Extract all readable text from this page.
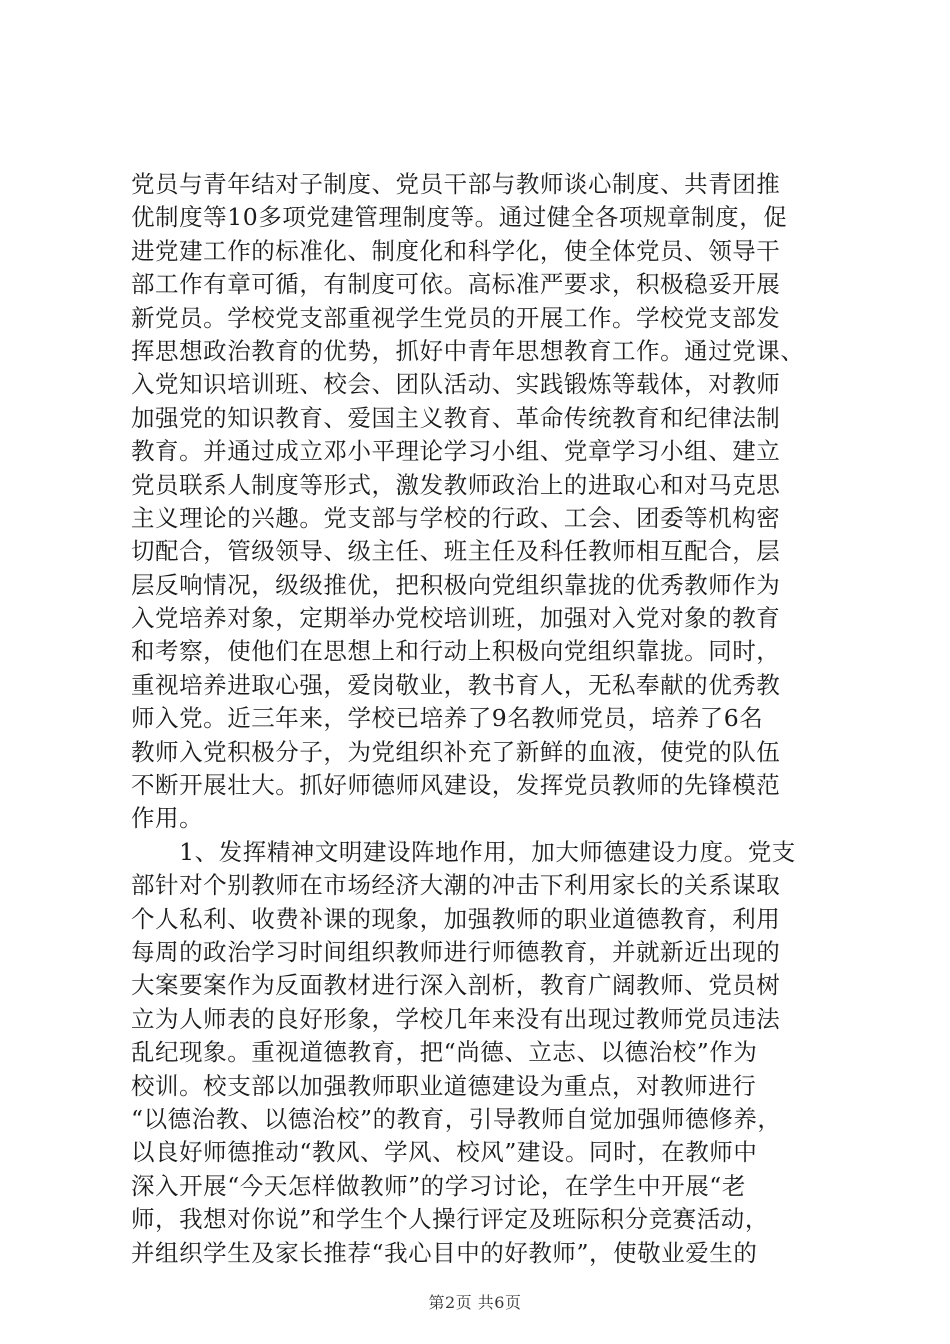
党员与青年结对子制度、党员干部与教师谈心制度、共青团推
优制度等10多项党建管理制度等。通过健全各项规章制度，促
进党建工作的标准化、制度化和科学化，使全体党员、领导干
部工作有章可循，有制度可依。高标准严要求，积极稳妥开展
新党员。学校党支部重视学生党员的开展工作。学校党支部发
挥思想政治教育的优势，抓好中青年思想教育工作。通过党课、
入党知识培训班、校会、团队活动、实践锻炼等载体，对教师
加强党的知识教育、爱国主义教育、革命传统教育和纪律法制
教育。并通过成立邓小平理论学习小组、党章学习小组、建立
党员联系人制度等形式，激发教师政治上的进取心和对马克思
主义理论的兴趣。党支部与学校的行政、工会、团委等机构密
切配合，管级领导、级主任、班主任及科任教师相互配合，层
层反响情况，级级推优，把积极向党组织靠拢的优秀教师作为
入党培养对象，定期举办党校培训班，加强对入党对象的教育
和考察，使他们在思想上和行动上积极向党组织靠拢。同时，
重视培养进取心强，爱岗敬业，教书育人，无私奉献的优秀教
师入党。近三年来，学校已培养了9名教师党员，培养了6名
教师入党积极分子，为党组织补充了新鲜的血液，使党的队伍
不断开展壮大。抓好师德师风建设，发挥党员教师的先锋模范
作用。
　　1、发挥精神文明建设阵地作用，加大师德建设力度。党支
部针对个别教师在市场经济大潮的冲击下利用家长的关系谋取
个人私利、收费补课的现象，加强教师的职业道德教育，利用
每周的政治学习时间组织教师进行师德教育，并就新近出现的
大案要案作为反面教材进行深入剖析，教育广阔教师、党员树
立为人师表的良好形象，学校几年来没有出现过教师党员违法
乱纪现象。重视道德教育，把“尚德、立志、以德治校”作为
校训。校支部以加强教师职业道德建设为重点，对教师进行
“以德治教、以德治校”的教育，引导教师自觉加强师德修养，
以良好师德推动“教风、学风、校风”建设。同时，在教师中
深入开展“今天怎样做教师”的学习讨论，在学生中开展“老
师，我想对你说”和学生个人操行评定及班际积分竞赛活动，
并组织学生及家长推荐“我心目中的好教师”，使敬业爱生的
第2页 共6页
